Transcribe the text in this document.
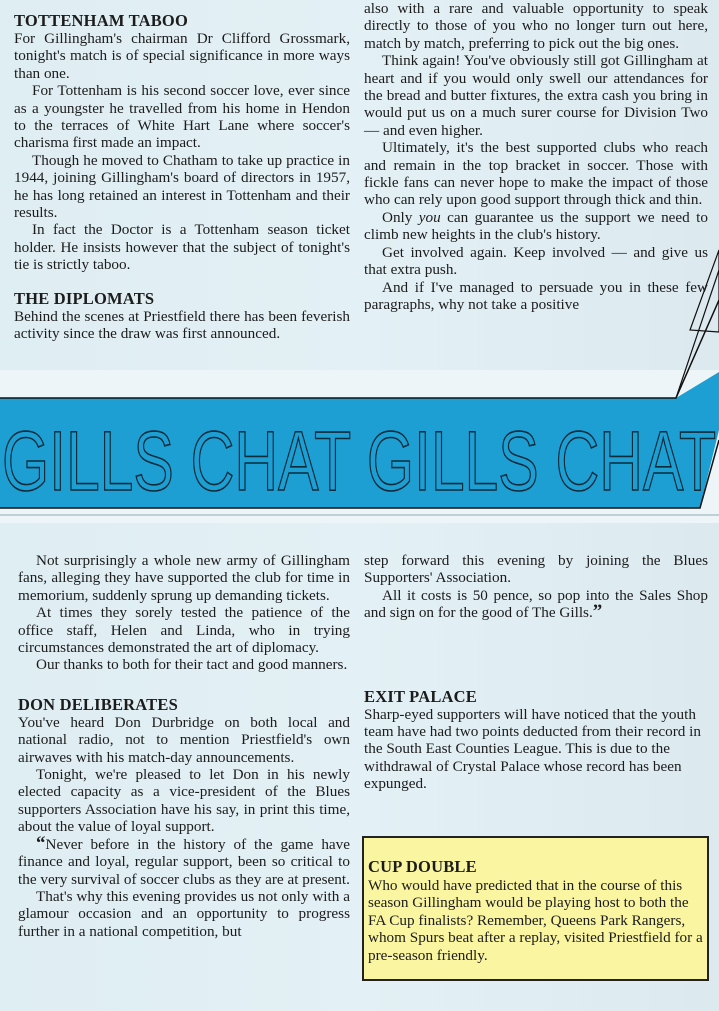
GILLS CHAT GILLS CHAT
TOTTENHAM TABOO

For Gillingham's chairman Dr Clifford Grossmark, tonight's match is of special significance in more ways than one.

For Tottenham is his second soccer love, ever since as a youngster he travelled from his home in Hendon to the terraces of White Hart Lane where soccer's charisma first made an impact.

Though he moved to Chatham to take up practice in 1944, joining Gillingham's board of directors in 1957, he has long retained an interest in Tottenham and their results.

In fact the Doctor is a Tottenham season ticket holder. He insists however that the subject of tonight's tie is strictly taboo.

THE DIPLOMATS

Behind the scenes at Priestfield there has been feverish activity since the draw was first announced.

also with a rare and valuable opportunity to speak directly to those of you who no longer turn out here, match by match, preferring to pick out the big ones.

Think again! You've obviously still got Gillingham at heart and if you would only swell our attendances for the bread and butter fixtures, the extra cash you bring in would put us on a much surer course for Division Two — and even higher.

Ultimately, it's the best supported clubs who reach and remain in the top bracket in soccer. Those with fickle fans can never hope to make the impact of those who can rely upon good support through thick and thin.

Only you can guarantee us the support we need to climb new heights in the club's history.

Get involved again. Keep involved — and give us that extra push.

And if I've managed to persuade you in these few paragraphs, why not take a positive

Not surprisingly a whole new army of Gillingham fans, alleging they have supported the club for time in memorium, suddenly sprung up demanding tickets.

At times they sorely tested the patience of the office staff, Helen and Linda, who in trying circumstances demonstrated the art of diplomacy.

Our thanks to both for their tact and good manners.

DON DELIBERATES

You've heard Don Durbridge on both local and national radio, not to mention Priestfield's own airwaves with his match-day announcements.

Tonight, we're pleased to let Don in his newly elected capacity as a vice-president of the Blues supporters Association have his say, in print this time, about the value of loyal support.

“Never before in the history of the game have finance and loyal, regular support, been so critical to the very survival of soccer clubs as they are at present.

That's why this evening provides us not only with a glamour occasion and an opportunity to progress further in a national competition, but

step forward this evening by joining the Blues Supporters' Association.

All it costs is 50 pence, so pop into the Sales Shop and sign on for the good of The Gills.”

EXIT PALACE

Sharp-eyed supporters will have noticed that the youth team have had two points deducted from their record in the South East Counties League. This is due to the withdrawal of Crystal Palace whose record has been expunged.

CUP DOUBLE

Who would have predicted that in the course of this season Gillingham would be playing host to both the FA Cup finalists? Remember, Queens Park Rangers, whom Spurs beat after a replay, visited Priestfield for a pre-season friendly.
